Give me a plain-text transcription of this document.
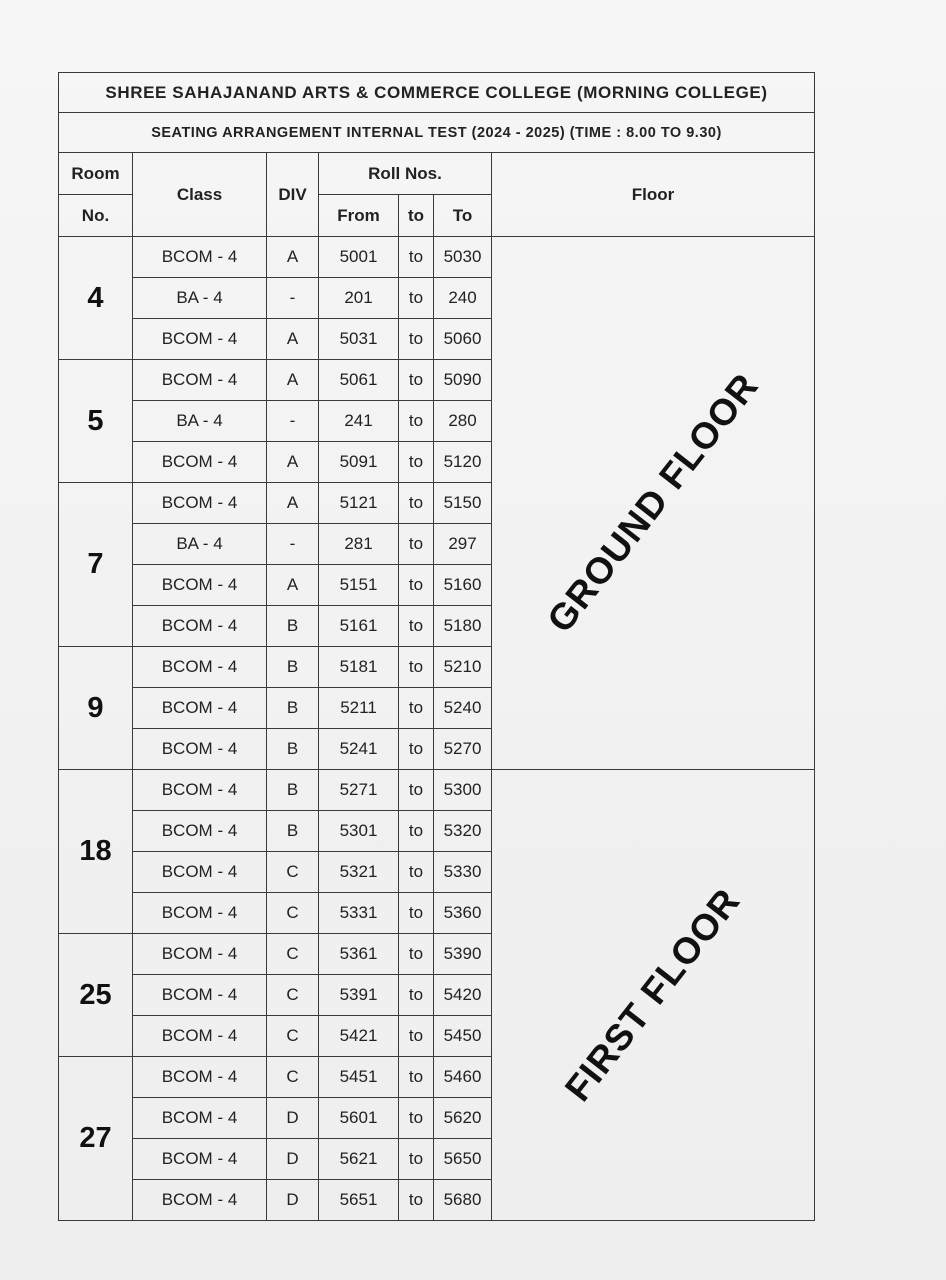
SHREE SAHAJANAND ARTS & COMMERCE COLLEGE (MORNING COLLEGE)						
SEATING ARRANGEMENT INTERNAL TEST (2024 - 2025) (TIME : 8.00 TO 9.30)						
Room	Class	DIV	Roll Nos.			Floor
No.			From	to	To	
4	BCOM - 4	A	5001	to	5030	GROUND FLOOR
	BA - 4	-	201	to	240	
	BCOM - 4	A	5031	to	5060	
5	BCOM - 4	A	5061	to	5090	
	BA - 4	-	241	to	280	
	BCOM - 4	A	5091	to	5120	
7	BCOM - 4	A	5121	to	5150	
	BA - 4	-	281	to	297	
	BCOM - 4	A	5151	to	5160	
	BCOM - 4	B	5161	to	5180	
9	BCOM - 4	B	5181	to	5210	
	BCOM - 4	B	5211	to	5240	
	BCOM - 4	B	5241	to	5270	
18	BCOM - 4	B	5271	to	5300	FIRST FLOOR
	BCOM - 4	B	5301	to	5320	
	BCOM - 4	C	5321	to	5330	
	BCOM - 4	C	5331	to	5360	
25	BCOM - 4	C	5361	to	5390	
	BCOM - 4	C	5391	to	5420	
	BCOM - 4	C	5421	to	5450	
27	BCOM - 4	C	5451	to	5460	
	BCOM - 4	D	5601	to	5620	
	BCOM - 4	D	5621	to	5650	
	BCOM - 4	D	5651	to	5680	
